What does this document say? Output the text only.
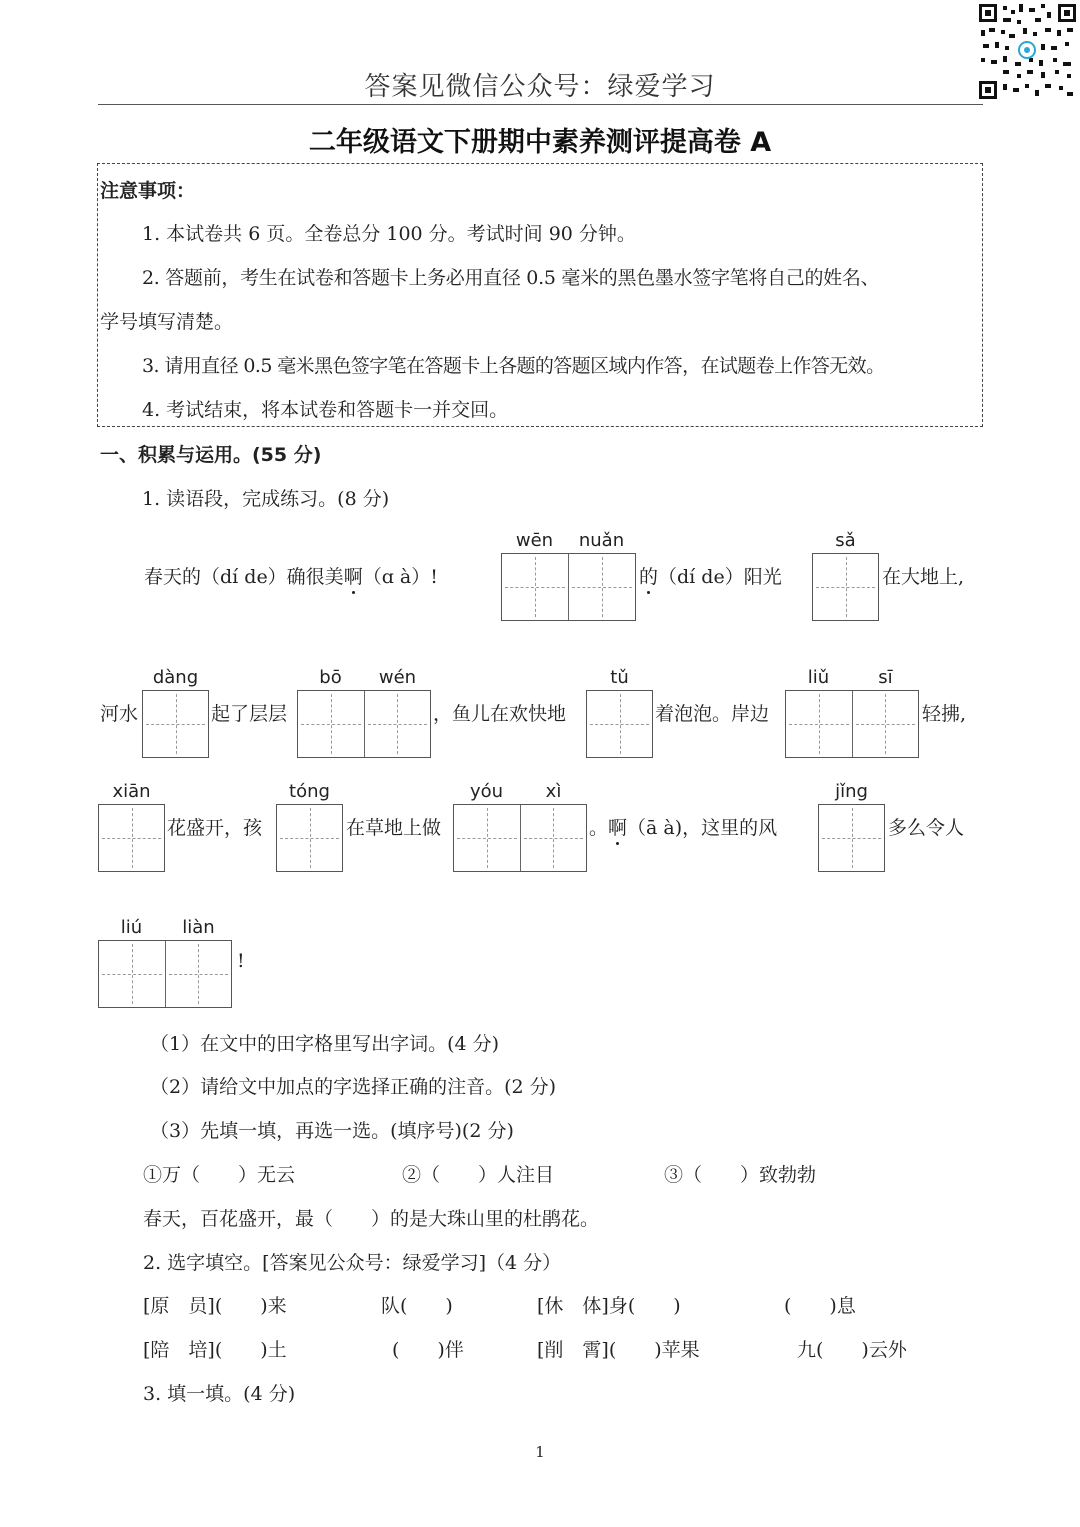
答案见微信公众号：绿爱学习
二年级语文下册期中素养测评提高卷 A
注意事项：
1. 本试卷共 6 页。全卷总分 100 分。考试时间 90 分钟。
2. 答题前，考生在试卷和答题卡上务必用直径 0.5 毫米的黑色墨水签字笔将自己的姓名、
学号填写清楚。
3. 请用直径 0.5 毫米黑色签字笔在答题卡上各题的答题区域内作答，在试题卷上作答无效。
4. 考试结束，将本试卷和答题卡一并交回。
一、积累与运用。(55 分)
1. 读语段，完成练习。(8 分)
春天的（dí de）确很美啊（ɑ à）!
wēn	nuǎn
的（dí de）阳光
sǎ
在大地上,
河水
dàng
起了层层
bō	wén
，鱼儿在欢快地
tǔ
着泡泡。岸边
liǔ	sī
轻拂,
xiān
花盛开，孩
tóng
在草地上做
yóu	xì
。啊（ā à)，这里的风
jǐng
多么令人
liú	liàn
!
（1）在文中的田字格里写出字词。(4 分)
（2）请给文中加点的字选择正确的注音。(2 分)
（3）先填一填，再选一选。(填序号)(2 分)
①万（　　）无云	②（　　）人注目	③（　　）致勃勃
春天，百花盛开，最（　　）的是大珠山里的杜鹃花。
2. 选字填空。[答案见公众号：绿爱学习]（4 分）
[原　员](　　)来	队(　　)	[休　体]身(　　)	(　　)息
[陪　培](　　)土	(　　)伴	[削　霄](　　)苹果	九(　　)云外
3. 填一填。(4 分)
1
